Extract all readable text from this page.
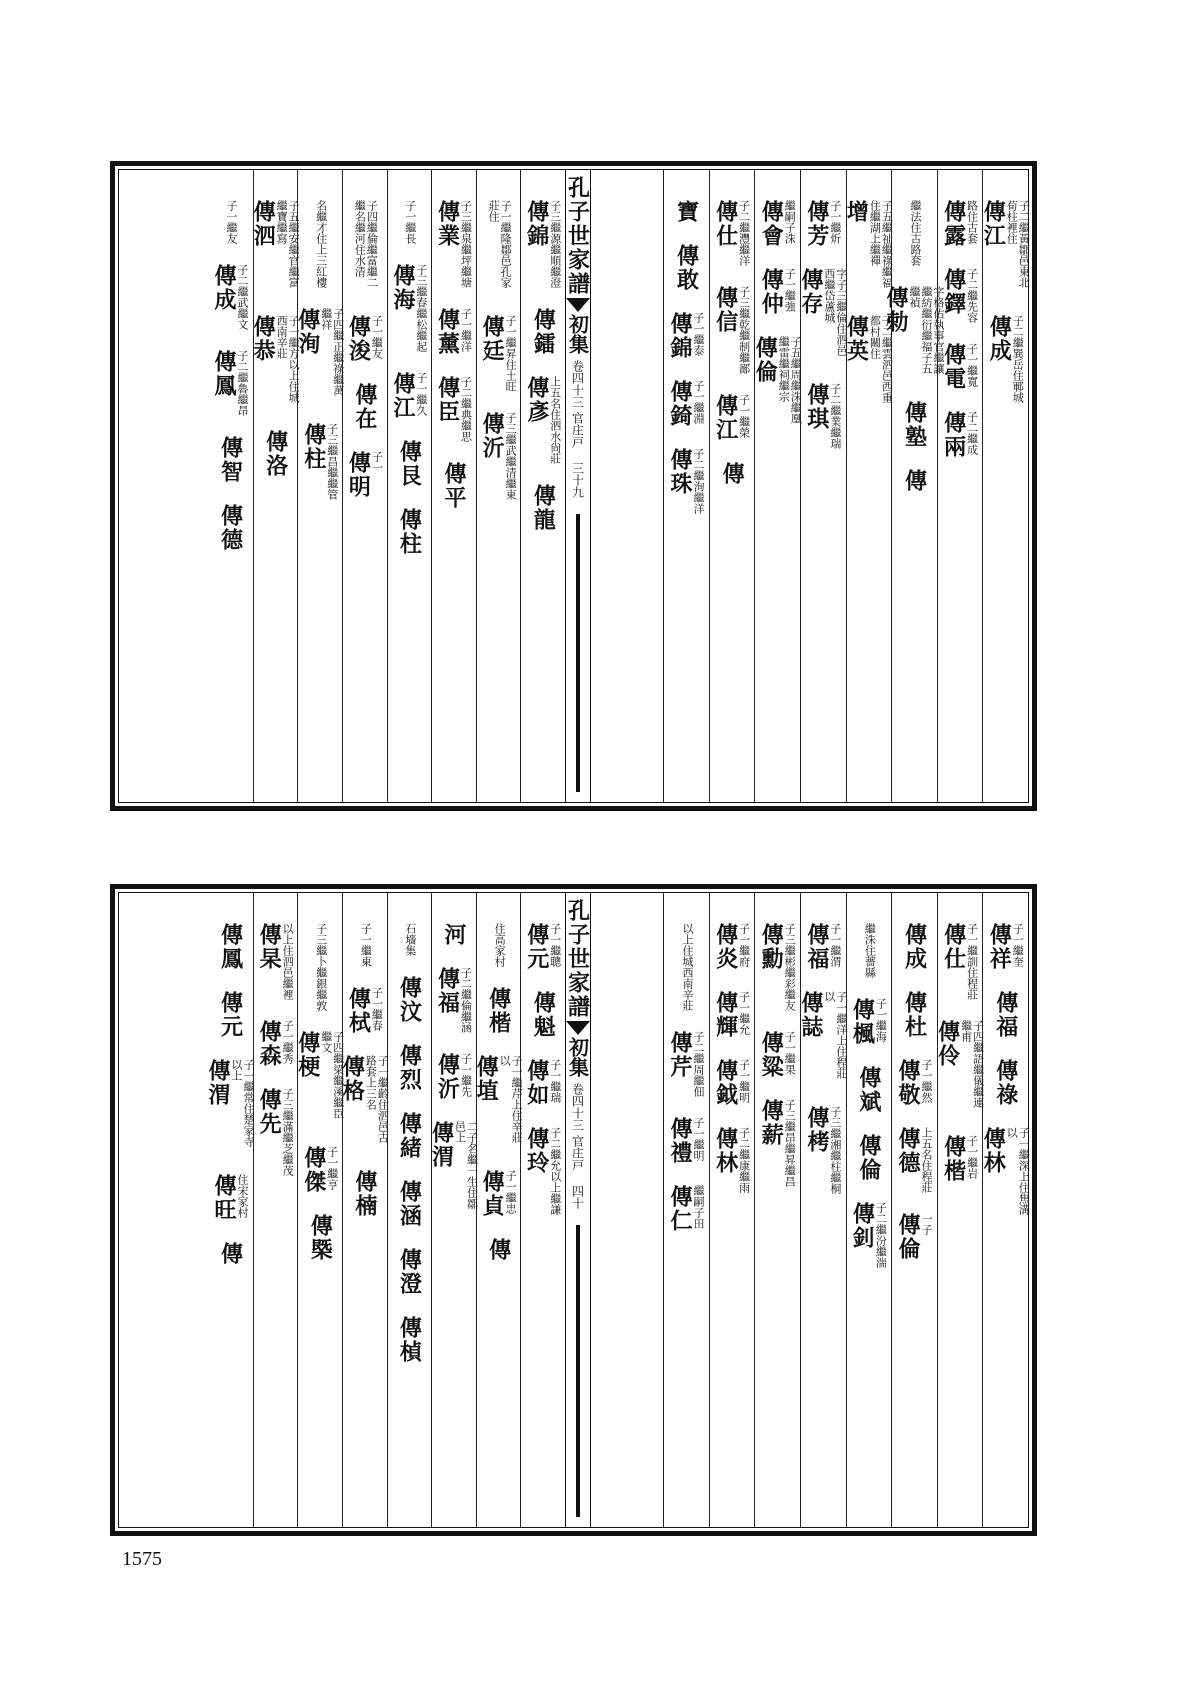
傳江	子二繼黃鄒邑東北荀柱裡住
傳成 子二繼巽岳住鄆城
傳露 路住古套
傳鐸 子二繼先容
傳電 子一繼寬
傳兩 子二繼成
繼法住古路套
傳勅	字格佑執事官繼讓繼紡繼衍繼福子五繼禎
傳塾
傳
增	子五繼祉繼祿繼福住繼湖上繼禪
傳英	子二繼雲泗邑西重都村關住
傳芳 子一繼炘
傳存	字子三繼倫住泗邑西繼岱蘆城
傳琪 子二繼業繼瑞
傳會 繼嗣子洙
傳仲 子一繼強
傳倫	子五繼周繼洙繼凰繼雷繼祠繼宗
傳仕 子二繼灃繼洋
傳信 子三繼乾繼制繼鄙
傳江 子一繼榮
傳
寶
傳敢
傳錦 子一繼泰
傳錡 子一繼淵
傳珠 子二繼洵繼洋
孔子世家譜
初集
卷四十三 官庄戸
三十九
傳錦 子三繼源繼順繼澄
傳鐳
傳彥 上五名住泗水尙莊
傳龍
子一繼隆鄒邑孔家莊住
傳廷 子一繼昇住土旺
傳沂 子三繼武繼清繼東
傳業 子三繼泉繼坪繼塘
傳薰 子一繼洋
傳臣 子二繼典繼思
傳平
子一繼長
傳海 子三繼春繼松繼起
傳江 子一繼久
傳艮
傳柱
子四繼倫繼富繼二繼名繼河住水清
傳浚 子一繼友
傳在
傳明 子一
名繼才住上三紅樓
傳洵	子四繼正繼祿繼萬繼祥
傳柱 子三繼昌繼繼管
傳泗	子五繼安繼官繼富繼寶繼寫
傳恭	子一繼方以上住城西南辛莊
傳洛
子一繼友
傳成 子二繼武繼文
傳鳳 子二繼魯繼昂
傳智
傳德
傳祥 子一繼奎
傳福
傳祿
傳林	子一繼深上住焦溝以
傳仕 子一繼訓住程莊
傳伶	子四繼語繼儀繼連繼甫
傳楷 子一繼岩
傳成
傳杜
傳敬 子一繼然
傳德 上五名住程莊
傳倫 一子
繼洙住薔縣
傳楓 子一繼海
傳斌
傳倫
傳釗 子二繼汾繼湍
傳福 子一繼渭
傳誌	子一繼洋上住程莊以
傳栲 子三繼湘繼柱繼桐
傳勳 子三繼彬繼彩繼友
傳粱 子一繼果
傳薪 子三繼昂繼昇繼昌
傳炎 子一繼府
傳輝 子一繼允
傳鉞 子一繼明
傳林 子二繼康繼雨
以上住城西南辛莊
傳芹 子二繼周繼佃
傳禮 子一繼明
傳仁 繼嗣子田
孔子世家譜
初集
卷四十三 官庄戸
四十
傳元 子一繼聰
傳魁
傳如 子一繼瑞
傳玲 子二繼允以上繼謙
住高家村
傳楷
傳埴	子一繼芹上住辛莊以
傳貞 子一繼忠
傳
河
傳福 子二繼倫繼涵
傳沂 子一繼先
傳渭	二子名繼一生住鄒邑上
石墻集
傳汶
傳烈
傳緒
傳涵
傳澄
傳楨
子一繼東
傳栻 子一繼春
傳格	子一繼齡住泗邑古路套上三名
傳楠
子三繼卜繼銀繼敦
傳梗	子四繼梁繼溪繼臣繼文
傳傑 子一繼亨
傳槩
傳杲 以上住泗邑繼裡
傳森 子一繼秀
傳先 子三繼滿繼芝繼茂
傳鳳
傳元
傳渭	子一繼常住楚家寺以上
傳旺 住宋家村
傳
1575
